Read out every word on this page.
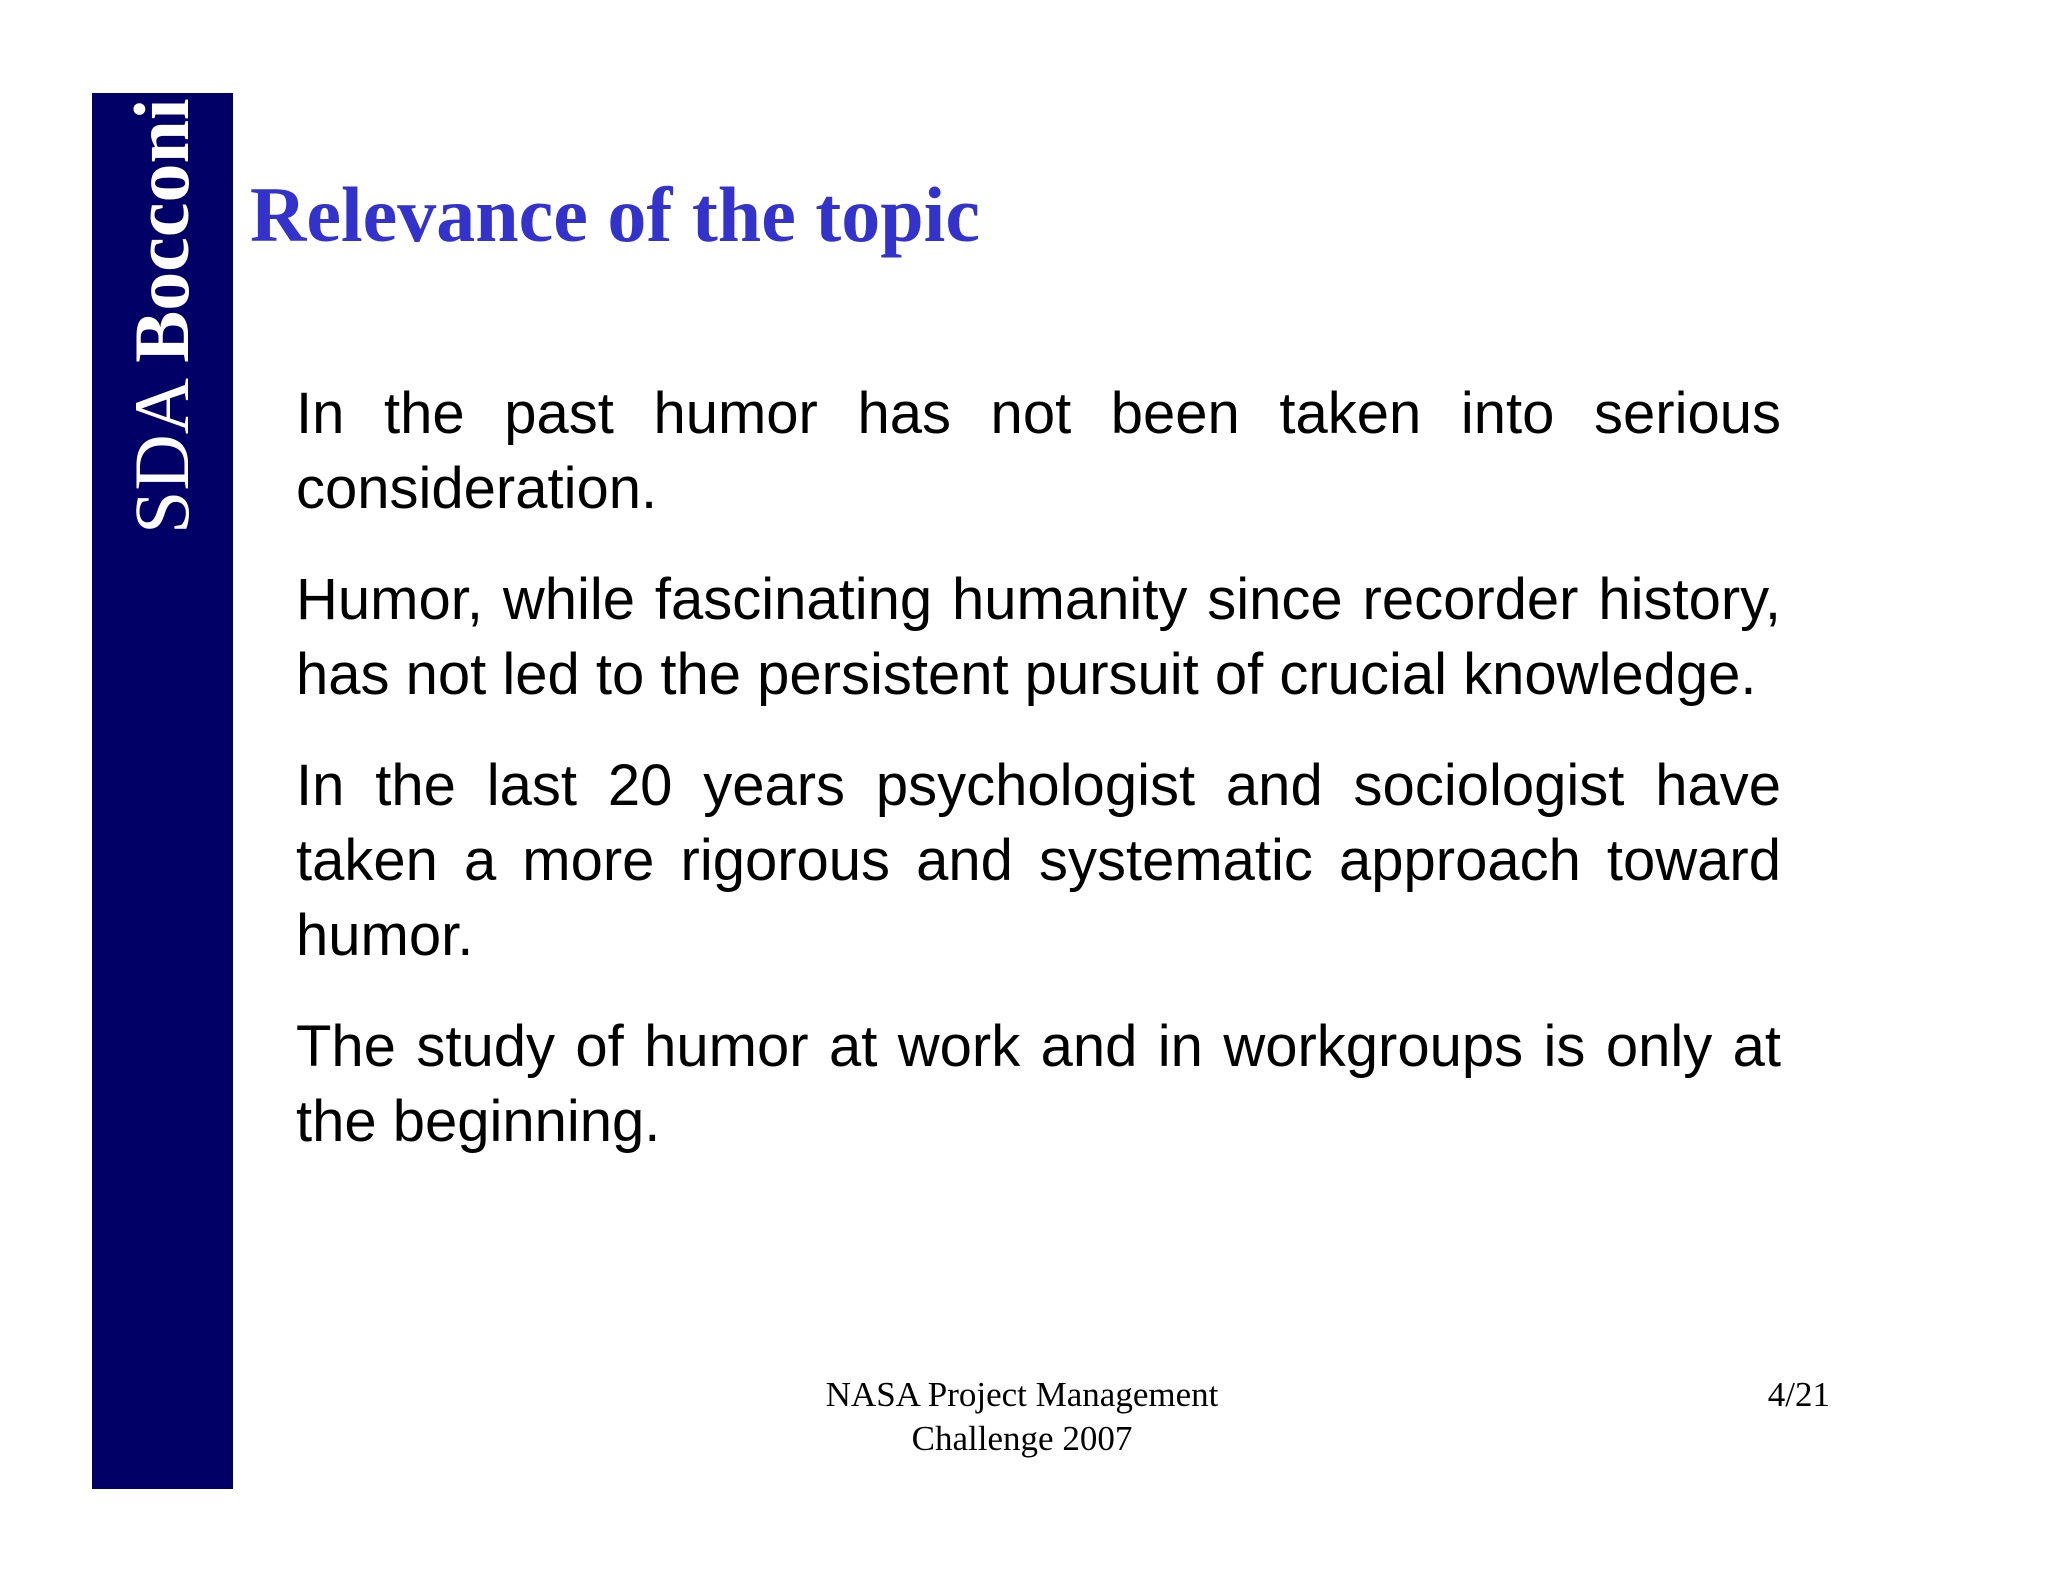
SDA Bocconi Relevance of the topic

In the past humor has not been taken into serious consideration.

Humor, while fascinating humanity since recorder history, has not led to the persistent pursuit of crucial knowledge.

In the last 20 years psychologist and sociologist have taken a more rigorous and systematic approach toward humor.

The study of humor at work and in workgroups is only at the beginning.

NASA Project Management
Challenge 2007
4/21
